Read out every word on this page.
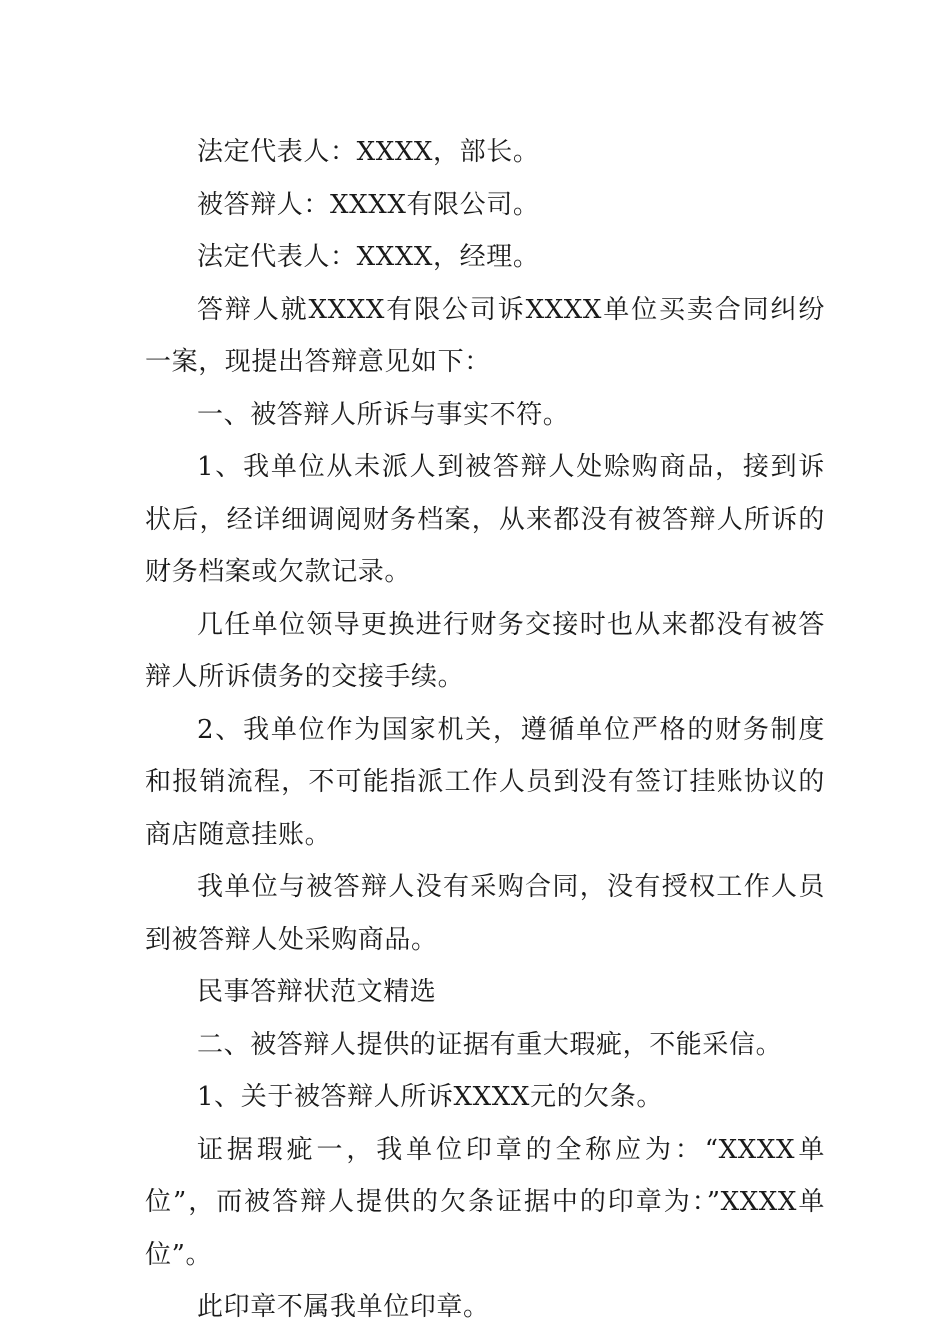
法定代表人：XXXX，部长。

被答辩人：XXXX有限公司。

法定代表人：XXXX，经理。

答辩人就XXXX有限公司诉XXXX单位买卖合同纠纷一案，现提出答辩意见如下：

一、被答辩人所诉与事实不符。

1、我单位从未派人到被答辩人处赊购商品，接到诉状后，经详细调阅财务档案，从来都没有被答辩人所诉的财务档案或欠款记录。

几任单位领导更换进行财务交接时也从来都没有被答辩人所诉债务的交接手续。

2、我单位作为国家机关，遵循单位严格的财务制度和报销流程，不可能指派工作人员到没有签订挂账协议的商店随意挂账。

我单位与被答辩人没有采购合同，没有授权工作人员到被答辩人处采购商品。

民事答辩状范文精选

二、被答辩人提供的证据有重大瑕疵，不能采信。

1、关于被答辩人所诉XXXX元的欠条。

证据瑕疵一，我单位印章的全称应为：“XXXX单位”，而被答辩人提供的欠条证据中的印章为：”XXXX单位”。

此印章不属我单位印章。
